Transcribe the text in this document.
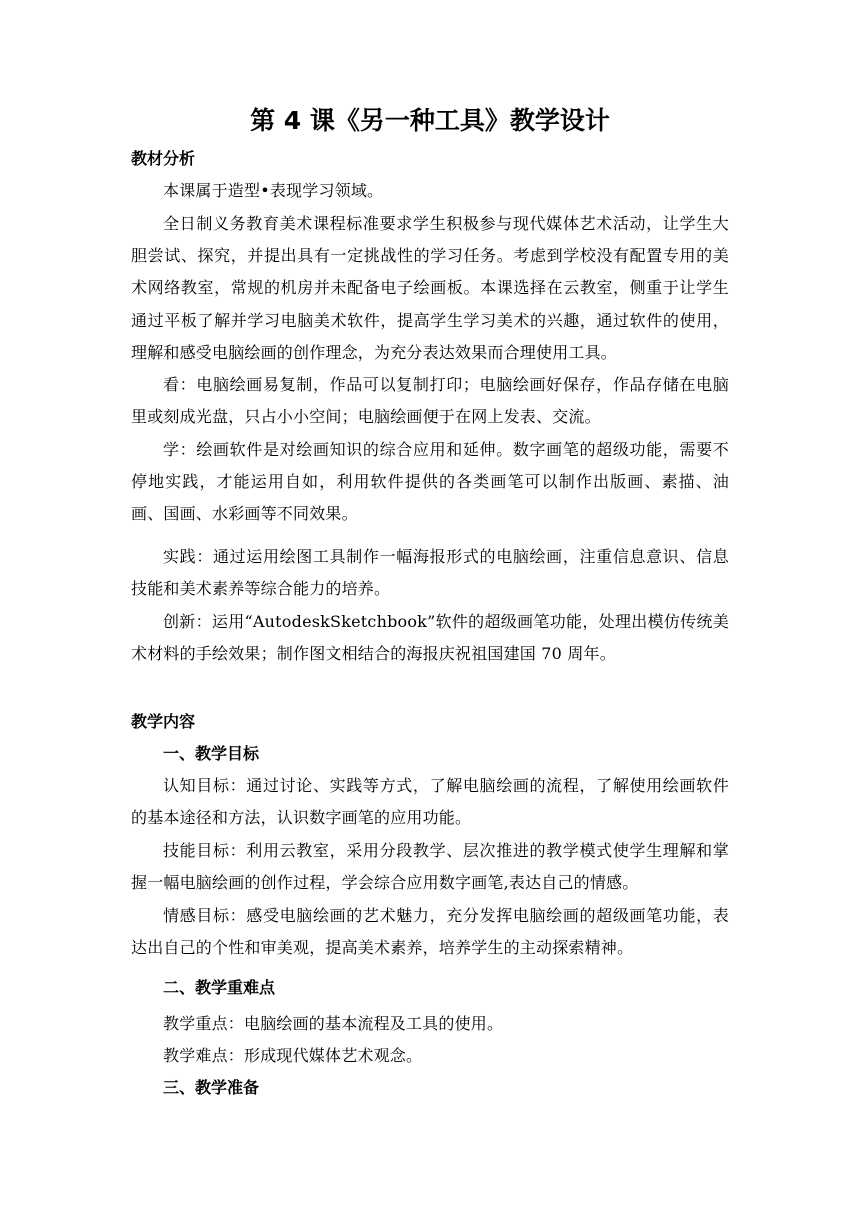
第 4 课《另一种工具》教学设计
教材分析

本课属于造型•表现学习领域。

全日制义务教育美术课程标准要求学生积极参与现代媒体艺术活动，让学生大胆尝试、探究，并提出具有一定挑战性的学习任务。考虑到学校没有配置专用的美术网络教室，常规的机房并未配备电子绘画板。本课选择在云教室，侧重于让学生通过平板了解并学习电脑美术软件，提高学生学习美术的兴趣，通过软件的使用，理解和感受电脑绘画的创作理念，为充分表达效果而合理使用工具。

看：电脑绘画易复制，作品可以复制打印；电脑绘画好保存，作品存储在电脑里或刻成光盘，只占小小空间；电脑绘画便于在网上发表、交流。

学：绘画软件是对绘画知识的综合应用和延伸。数字画笔的超级功能，需要不停地实践，才能运用自如，利用软件提供的各类画笔可以制作出版画、素描、油画、国画、水彩画等不同效果。

实践：通过运用绘图工具制作一幅海报形式的电脑绘画，注重信息意识、信息技能和美术素养等综合能力的培养。

创新：运用“AutodeskSketchbook”软件的超级画笔功能，处理出模仿传统美术材料的手绘效果；制作图文相结合的海报庆祝祖国建国 70 周年。

教学内容
一、教学目标

认知目标：通过讨论、实践等方式，了解电脑绘画的流程，了解使用绘画软件的基本途径和方法，认识数字画笔的应用功能。

技能目标：利用云教室，采用分段教学、层次推进的教学模式使学生理解和掌握一幅电脑绘画的创作过程，学会综合应用数字画笔,表达自己的情感。

情感目标：感受电脑绘画的艺术魅力，充分发挥电脑绘画的超级画笔功能，表达出自己的个性和审美观，提高美术素养，培养学生的主动探索精神。

二、教学重难点

教学重点：电脑绘画的基本流程及工具的使用。

教学难点：形成现代媒体艺术观念。

三、教学准备
